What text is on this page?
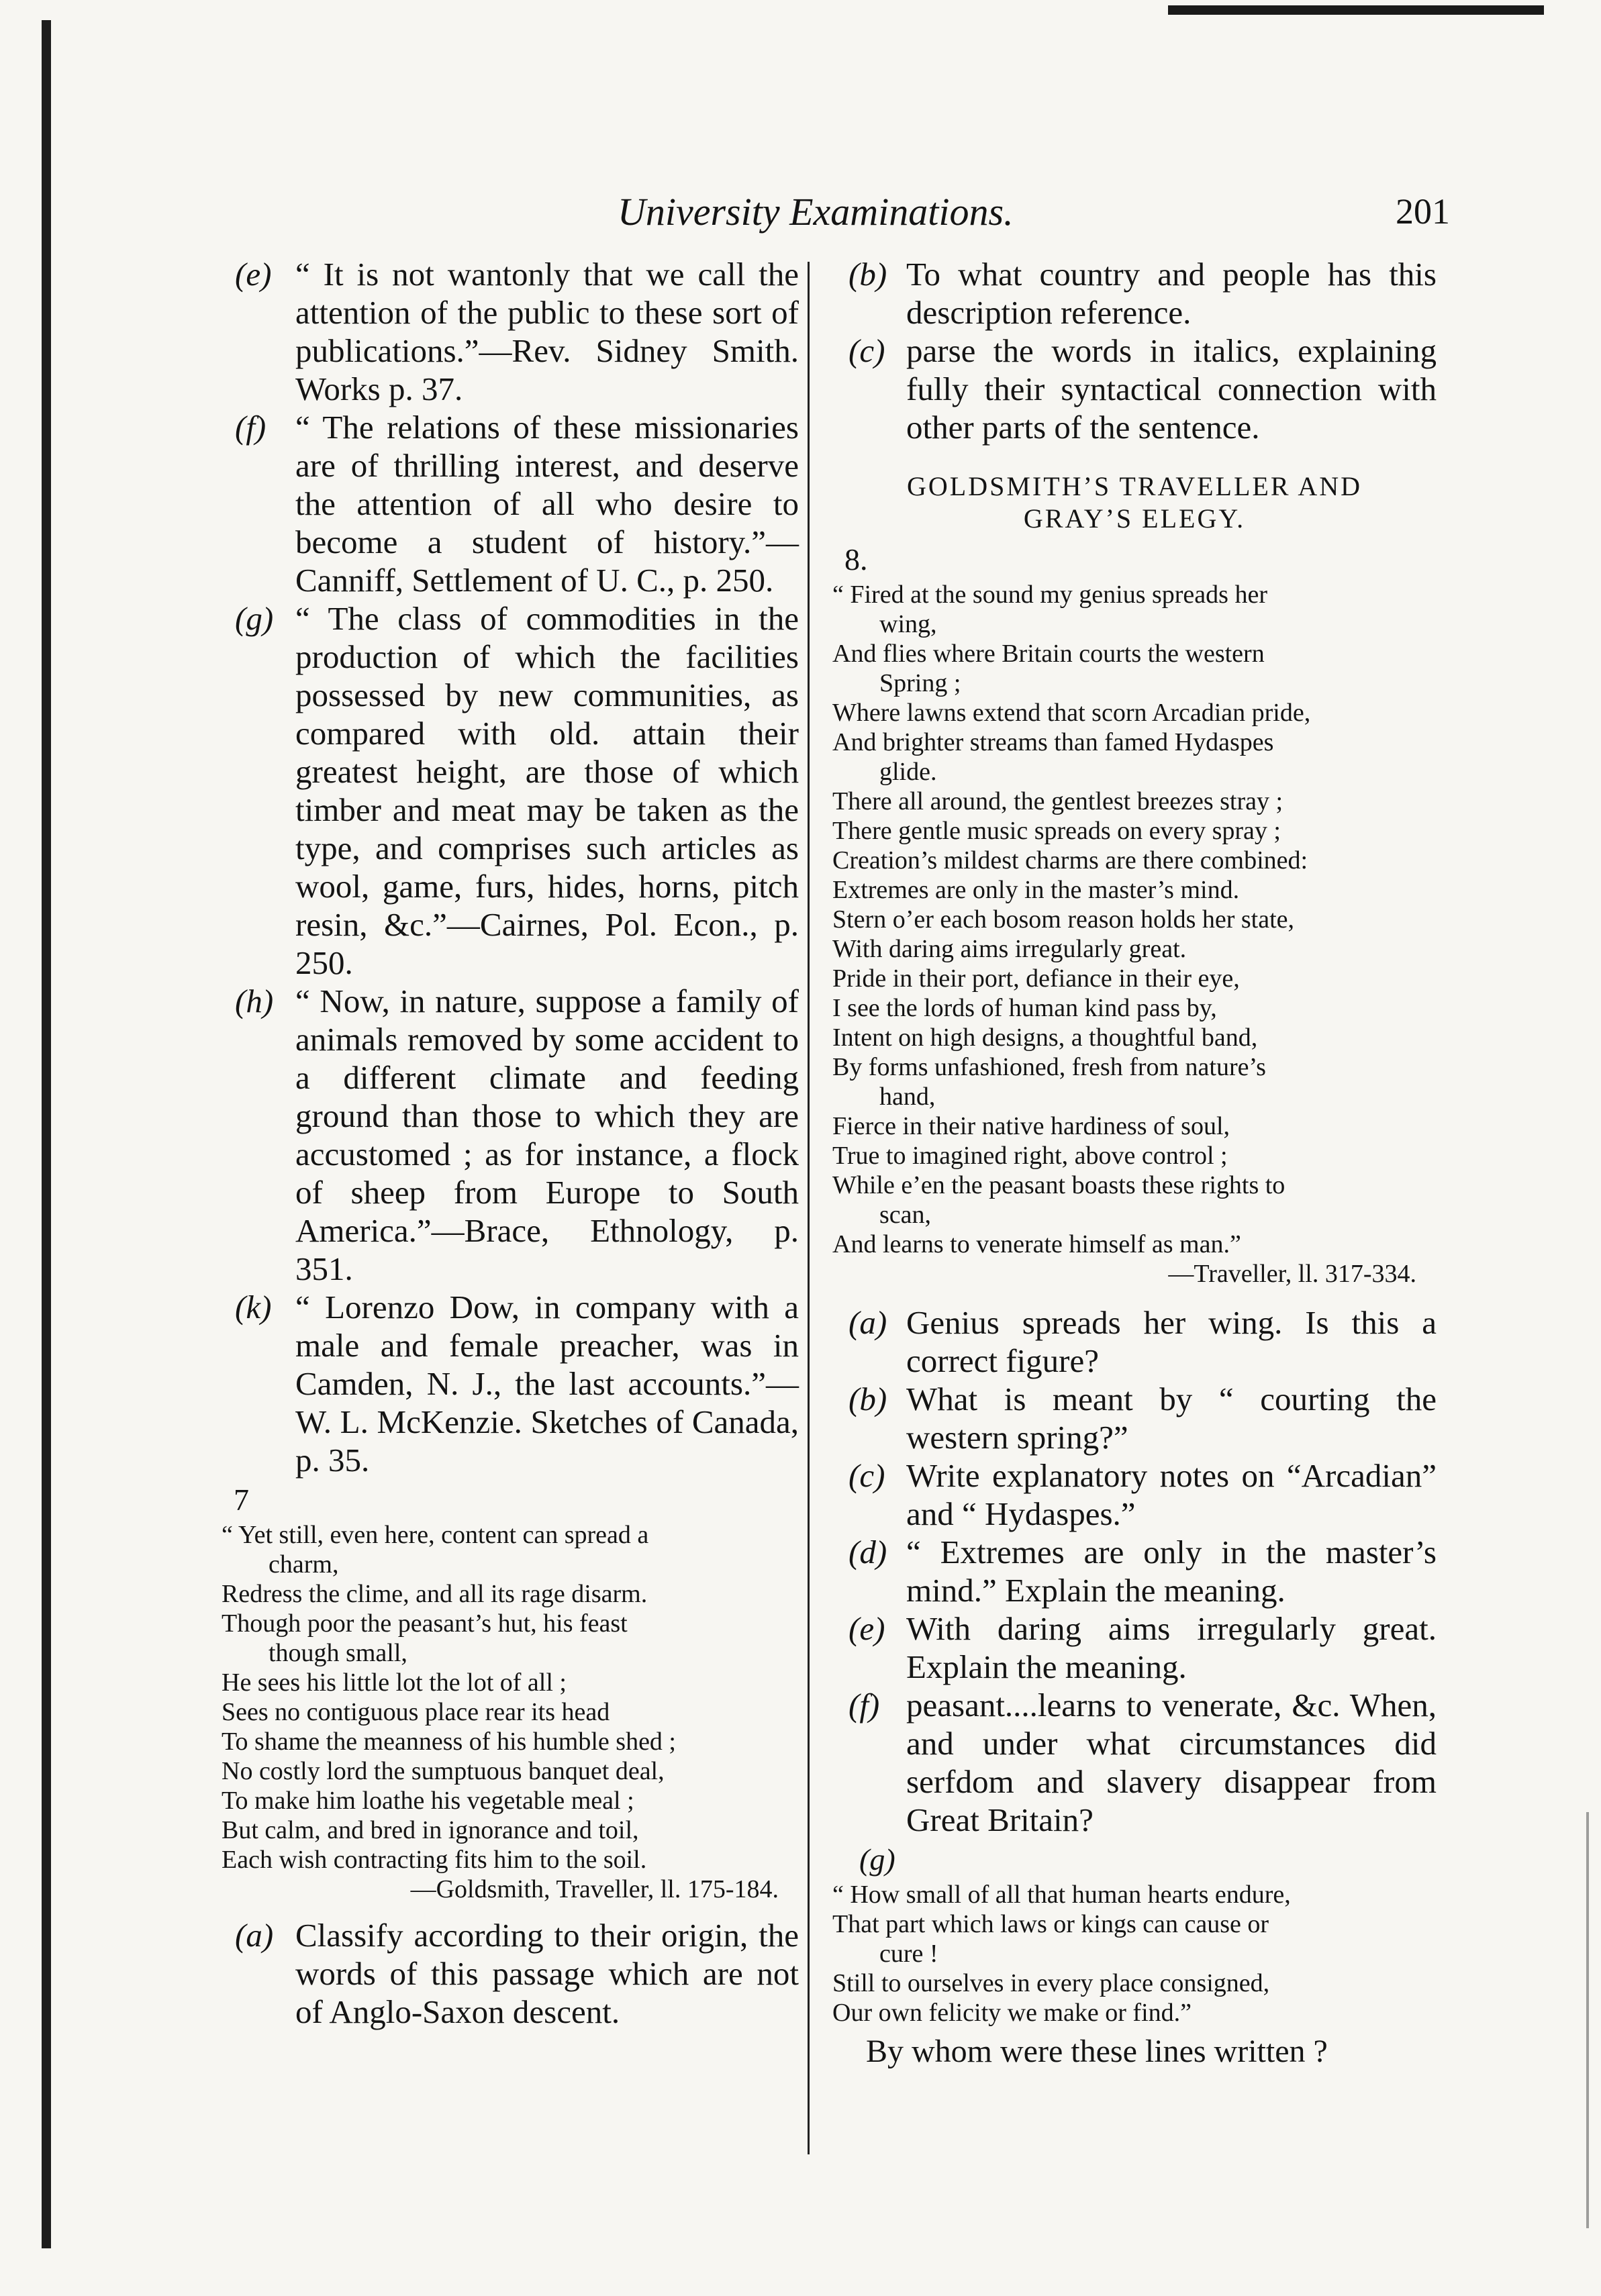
University Examinations.	201
(e) “ It is not wantonly that we call the attention of the public to these sort of publications.”—Rev. Sidney Smith. Works p. 37.
(f) “ The relations of these missionaries are of thrilling interest, and deserve the attention of all who desire to become a student of history.”—Canniff, Settlement of U. C., p. 250.
(g) “ The class of commodities in the production of which the facilities possessed by new communities, as compared with old. attain their greatest height, are those of which timber and meat may be taken as the type, and comprises such articles as wool, game, furs, hides, horns, pitch resin, &c.”—Cairnes, Pol. Econ., p. 250.
(h) “ Now, in nature, suppose a family of animals removed by some accident to a different climate and feeding ground than those to which they are accustomed ; as for instance, a flock of sheep from Europe to South America.”—Brace, Ethnology, p. 351.
(k) “ Lorenzo Dow, in company with a male and female preacher, was in Camden, N. J., the last accounts.”—W. L. McKenzie. Sketches of Canada, p. 35.
7
“ Yet still, even here, content can spread a
charm,
Redress the clime, and all its rage disarm.
Though poor the peasant’s hut, his feast
though small,
He sees his little lot the lot of all ;
Sees no contiguous place rear its head
To shame the meanness of his humble shed ;
No costly lord the sumptuous banquet deal,
To make him loathe his vegetable meal ;
But calm, and bred in ignorance and toil,
Each wish contracting fits him to the soil.
—Goldsmith, Traveller, ll. 175-184.
(a) Classify according to their origin, the words of this passage which are not of Anglo-Saxon descent.
(b) To what country and people has this description reference.
(c) parse the words in italics, explaining fully their syntactical connection with other parts of the sentence.
GOLDSMITH’S TRAVELLER AND
GRAY’S ELEGY.
8.
“ Fired at the sound my genius spreads her
wing,
And flies where Britain courts the western
Spring ;
Where lawns extend that scorn Arcadian pride,
And brighter streams than famed Hydaspes
glide.
There all around, the gentlest breezes stray ;
There gentle music spreads on every spray ;
Creation’s mildest charms are there combined:
Extremes are only in the master’s mind.
Stern o’er each bosom reason holds her state,
With daring aims irregularly great.
Pride in their port, defiance in their eye,
I see the lords of human kind pass by,
Intent on high designs, a thoughtful band,
By forms unfashioned, fresh from nature’s
hand,
Fierce in their native hardiness of soul,
True to imagined right, above control ;
While e’en the peasant boasts these rights to
scan,
And learns to venerate himself as man.”
—Traveller, ll. 317-334.
(a) Genius spreads her wing. Is this a correct figure?
(b) What is meant by “ courting the western spring?”
(c) Write explanatory notes on “Arcadian” and “ Hydaspes.”
(d) “ Extremes are only in the master’s mind.” Explain the meaning.
(e) With daring aims irregularly great. Explain the meaning.
(f) peasant....learns to venerate, &c. When, and under what circumstances did serfdom and slavery disappear from Great Britain?
(g)
“ How small of all that human hearts endure,
That part which laws or kings can cause or
cure !
Still to ourselves in every place consigned,
Our own felicity we make or find.”
By whom were these lines written ?
